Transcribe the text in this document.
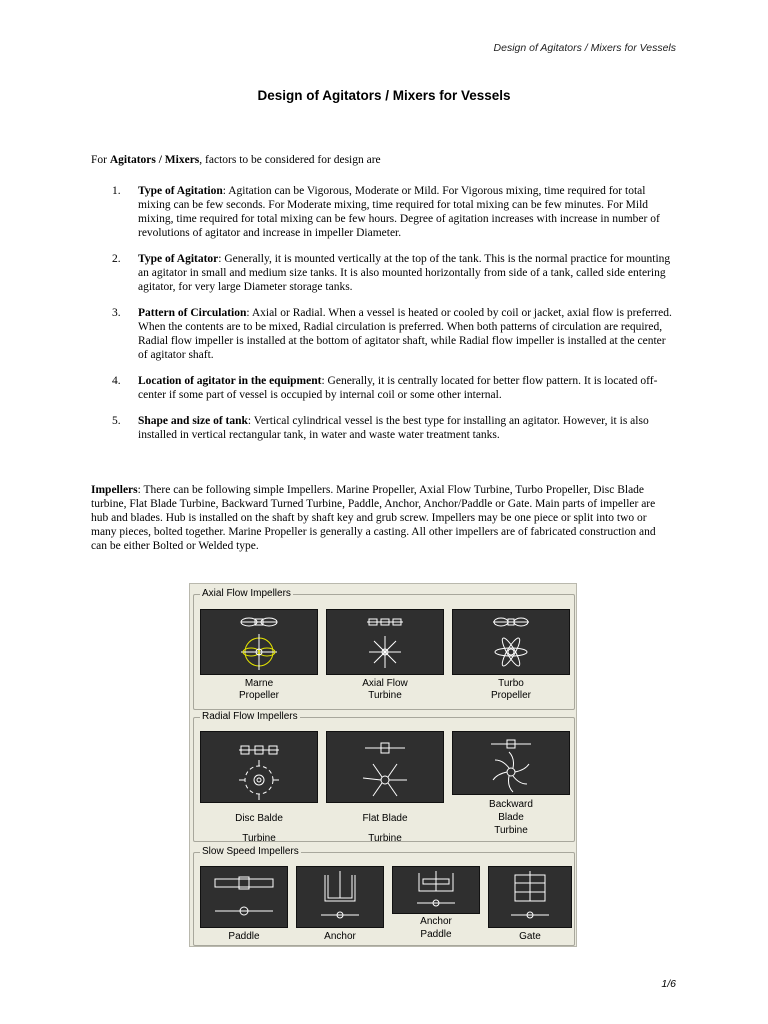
Design of Agitators / Mixers for Vessels
Design of Agitators / Mixers for Vessels
For Agitators / Mixers, factors to be considered for design are
1. Type of Agitation: Agitation can be Vigorous, Moderate or Mild. For Vigorous mixing, time required for total mixing can be few seconds. For Moderate mixing, time required for total mixing can be few minutes. For Mild mixing, time required for total mixing can be few hours. Degree of agitation increases with increase in number of revolutions of agitator and increase in impeller Diameter.
2. Type of Agitator: Generally, it is mounted vertically at the top of the tank. This is the normal practice for mounting an agitator in small and medium size tanks. It is also mounted horizontally from side of a tank, called side entering agitator, for very large Diameter storage tanks.
3. Pattern of Circulation: Axial or Radial. When a vessel is heated or cooled by coil or jacket, axial flow is preferred. When the contents are to be mixed, Radial circulation is preferred. When both patterns of circulation are required, Radial flow impeller is installed at the bottom of agitator shaft, while Radial flow impeller is installed at the center of agitator shaft.
4. Location of agitator in the equipment: Generally, it is centrally located for better flow pattern. It is located off-center if some part of vessel is occupied by internal coil or some other internal.
5. Shape and size of tank: Vertical cylindrical vessel is the best type for installing an agitator. However, it is also installed in vertical rectangular tank, in water and waste water treatment tanks.
Impellers: There can be following simple Impellers. Marine Propeller, Axial Flow Turbine, Turbo Propeller, Disc Blade turbine, Flat Blade Turbine, Backward Turned Turbine, Paddle, Anchor, Anchor/Paddle or Gate. Main parts of impeller are hub and blades. Hub is installed on the shaft by shaft key and grub screw. Impellers may be one piece or split into two or many pieces, bolted together. Marine Propeller is generally a casting. All other impellers are of fabricated construction and can be either Bolted or Welded type.
Axial Flow Impellers
Marne
Propeller
Axial Flow
Turbine
Turbo
Propeller
Radial Flow Impellers
Disc Balde
Turbine
Flat Blade
Turbine
Backward
Blade
Turbine
Slow Speed Impellers
Paddle	Anchor
Anchor
Paddle	Gate
1/6
